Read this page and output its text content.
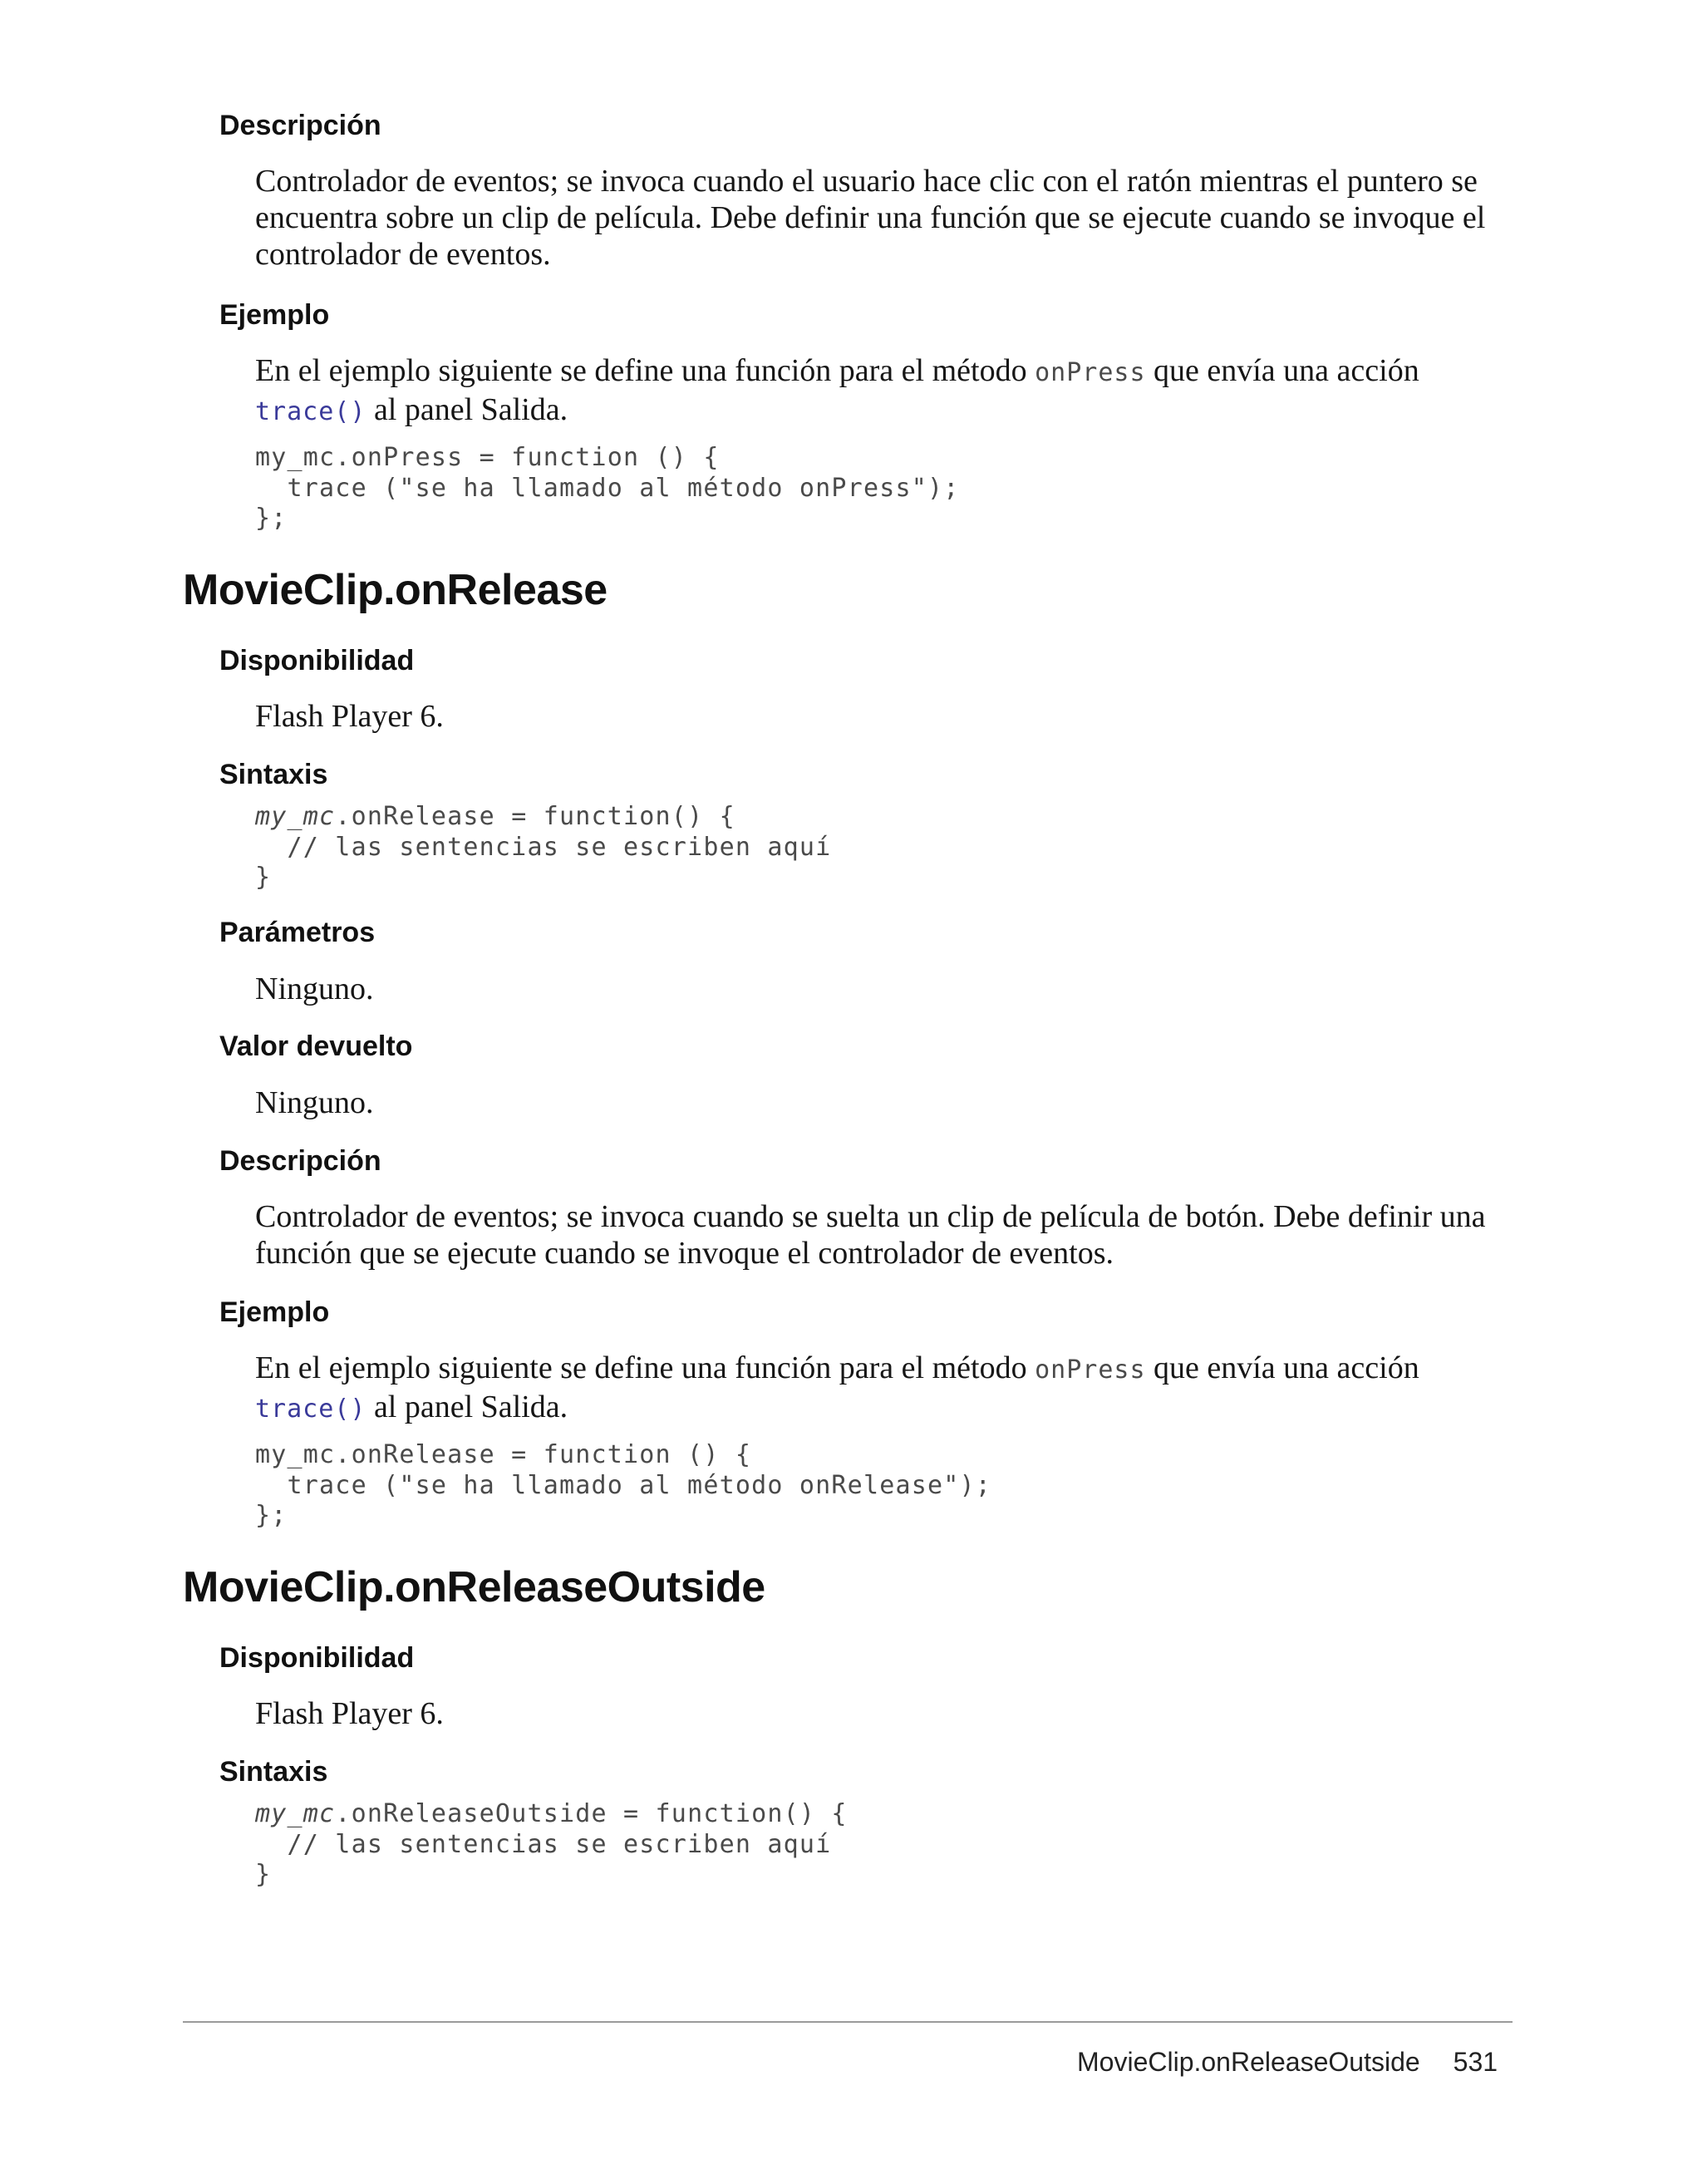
Descripción

Controlador de eventos; se invoca cuando el usuario hace clic con el ratón mientras el puntero se encuentra sobre un clip de película. Debe definir una función que se ejecute cuando se invoque el controlador de eventos.

Ejemplo

En el ejemplo siguiente se define una función para el método onPress que envía una acción
trace() al panel Salida.

my_mc.onPress = function () {
trace ("se ha llamado al método onPress");
};
MovieClip.onRelease
Disponibilidad

Flash Player 6.

Sintaxis
my_mc.onRelease = function() {
// las sentencias se escriben aquí
}
Parámetros

Ninguno.

Valor devuelto

Ninguno.

Descripción

Controlador de eventos; se invoca cuando se suelta un clip de película de botón. Debe definir una función que se ejecute cuando se invoque el controlador de eventos.

Ejemplo

En el ejemplo siguiente se define una función para el método onPress que envía una acción
trace() al panel Salida.

my_mc.onRelease = function () {
trace ("se ha llamado al método onRelease");
};
MovieClip.onReleaseOutside
Disponibilidad

Flash Player 6.

Sintaxis
my_mc.onReleaseOutside = function() {
// las sentencias se escriben aquí
}
MovieClip.onReleaseOutside 531
